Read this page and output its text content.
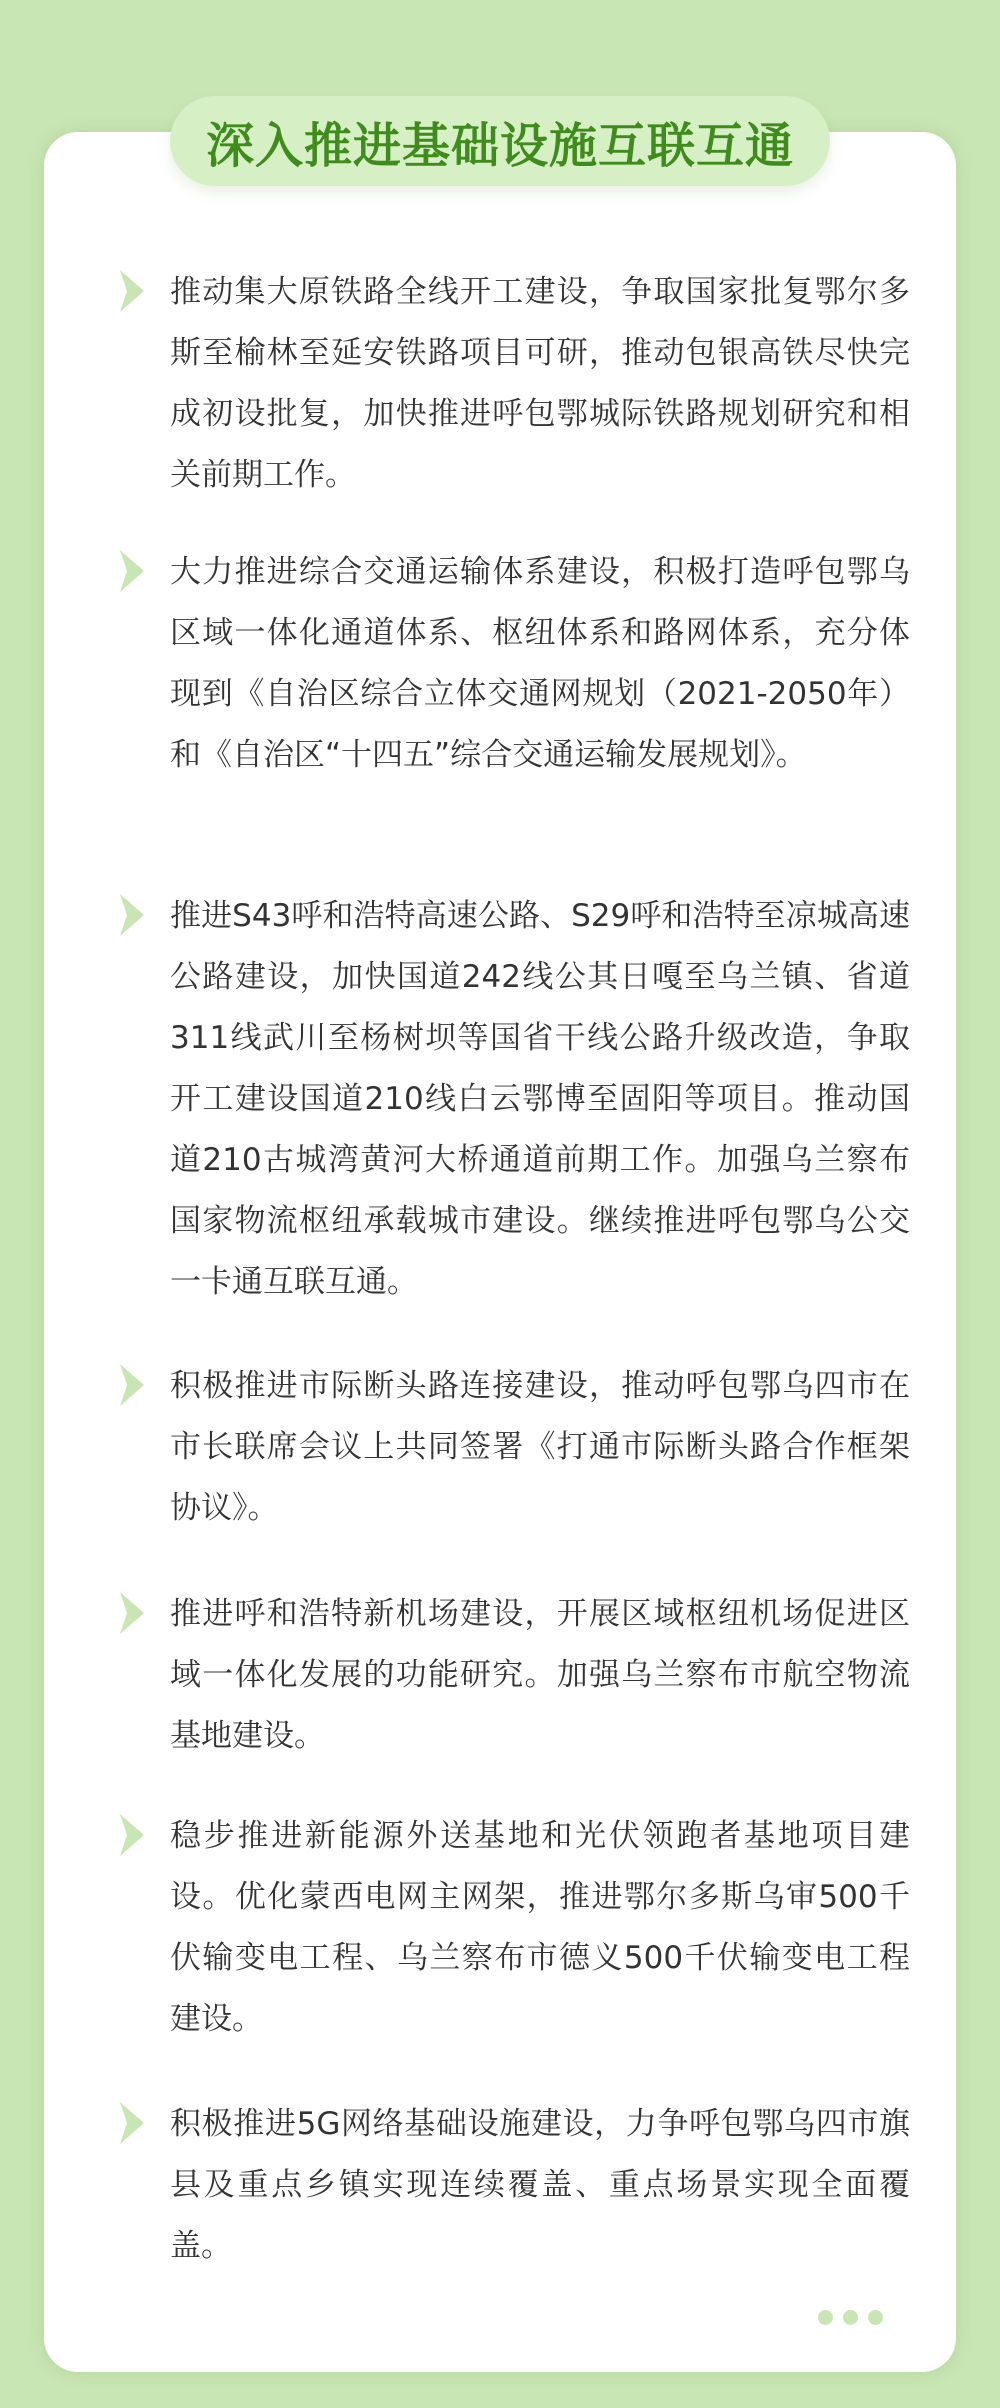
深入推进基础设施互联互通
推动集大原铁路全线开工建设，争取国家批复鄂尔多斯至榆林至延安铁路项目可研，推动包银高铁尽快完成初设批复，加快推进呼包鄂城际铁路规划研究和相关前期工作。
大力推进综合交通运输体系建设，积极打造呼包鄂乌区域一体化通道体系、枢纽体系和路网体系，充分体现到《自治区综合立体交通网规划（2021-2050年）和《自治区“十四五”综合交通运输发展规划》。
推进S43呼和浩特高速公路、S29呼和浩特至凉城高速公路建设，加快国道242线公其日嘎至乌兰镇、省道311线武川至杨树坝等国省干线公路升级改造，争取开工建设国道210线白云鄂博至固阳等项目。推动国道210古城湾黄河大桥通道前期工作。加强乌兰察布国家物流枢纽承载城市建设。继续推进呼包鄂乌公交一卡通互联互通。
积极推进市际断头路连接建设，推动呼包鄂乌四市在市长联席会议上共同签署《打通市际断头路合作框架协议》。
推进呼和浩特新机场建设，开展区域枢纽机场促进区域一体化发展的功能研究。加强乌兰察布市航空物流基地建设。
稳步推进新能源外送基地和光伏领跑者基地项目建设。优化蒙西电网主网架，推进鄂尔多斯乌审500千伏输变电工程、乌兰察布市德义500千伏输变电工程建设。
积极推进5G网络基础设施建设，力争呼包鄂乌四市旗县及重点乡镇实现连续覆盖、重点场景实现全面覆盖。
